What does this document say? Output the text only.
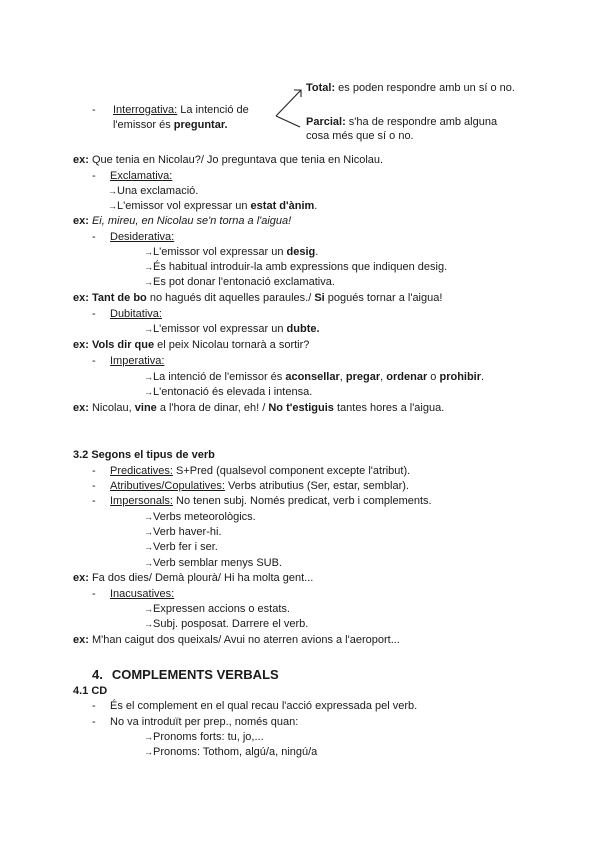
- Interrogativa: La intenció de
l'emissor és preguntar.
Total: es poden respondre amb un sí o no.
Parcial: s'ha de respondre amb alguna
cosa més que sí o no.
ex: Que tenia en Nicolau?/ Jo preguntava que tenia en Nicolau.
- Exclamativa:
→Una exclamació.
→L'emissor vol expressar un estat d'ànim.
ex: Ei, mireu, en Nicolau se'n torna a l'aigua!
- Desiderativa:
→L'emissor vol expressar un desig.
→És habitual introduir-la amb expressions que indiquen desig.
→Es pot donar l'entonació exclamativa.
ex: Tant de bo no hagués dit aquelles paraules./ Si pogués tornar a l'aigua!
- Dubitativa:
→L'emissor vol expressar un dubte.
ex: Vols dir que el peix Nicolau tornarà a sortir?
- Imperativa:
→La intenció de l'emissor és aconsellar, pregar, ordenar o prohibir.
→L'entonació és elevada i intensa.
ex: Nicolau, vine a l'hora de dinar, eh! / No t'estiguis tantes hores a l'aigua.
3.2 Segons el tipus de verb
- Predicatives: S+Pred (qualsevol component excepte l'atribut).
- Atributives/Copulatives: Verbs atributius (Ser, estar, semblar).
- Impersonals: No tenen subj. Només predicat, verb i complements.
→Verbs meteorològics.
→Verb haver-hi.
→Verb fer i ser.
→Verb semblar menys SUB.
ex: Fa dos dies/ Demà plourà/ Hi ha molta gent...
- Inacusatives:
→Expressen accions o estats.
→Subj. posposat. Darrere el verb.
ex: M'han caigut dos queixals/ Avui no aterren avions a l'aeroport...
4. COMPLEMENTS VERBALS
4.1 CD
- És el complement en el qual recau l'acció expressada pel verb.
- No va introduït per prep., només quan:
→Pronoms forts: tu, jo,...
→Pronoms: Tothom, algú/a, ningú/a
